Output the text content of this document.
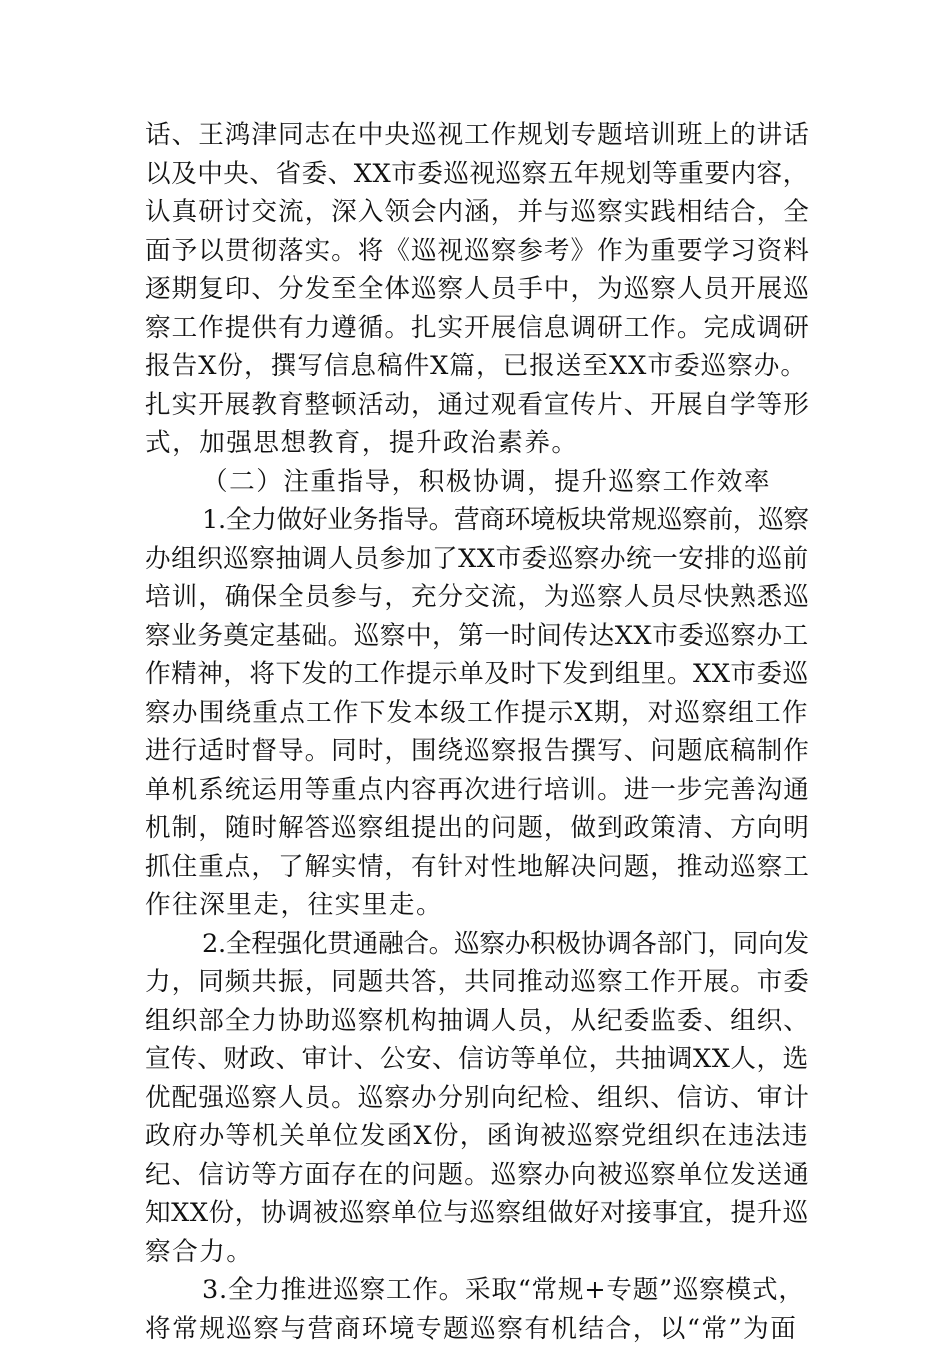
话、王鸿津同志在中央巡视工作规划专题培训班上的讲话
以及中央、省委、XX市委巡视巡察五年规划等重要内容，
认真研讨交流，深入领会内涵，并与巡察实践相结合，全
面予以贯彻落实。将《巡视巡察参考》作为重要学习资料
逐期复印、分发至全体巡察人员手中，为巡察人员开展巡
察工作提供有力遵循。扎实开展信息调研工作。完成调研
报告X份，撰写信息稿件X篇，已报送至XX市委巡察办。
扎实开展教育整顿活动，通过观看宣传片、开展自学等形
式，加强思想教育，提升政治素养。
（二）注重指导，积极协调，提升巡察工作效率
1.全力做好业务指导。营商环境板块常规巡察前，巡察
办组织巡察抽调人员参加了XX市委巡察办统一安排的巡前
培训，确保全员参与，充分交流，为巡察人员尽快熟悉巡
察业务奠定基础。巡察中，第一时间传达XX市委巡察办工
作精神，将下发的工作提示单及时下发到组里。XX市委巡
察办围绕重点工作下发本级工作提示X期，对巡察组工作
进行适时督导。同时，围绕巡察报告撰写、问题底稿制作
单机系统运用等重点内容再次进行培训。进一步完善沟通
机制，随时解答巡察组提出的问题，做到政策清、方向明
抓住重点，了解实情，有针对性地解决问题，推动巡察工
作往深里走，往实里走。
2.全程强化贯通融合。巡察办积极协调各部门，同向发
力，同频共振，同题共答，共同推动巡察工作开展。市委
组织部全力协助巡察机构抽调人员，从纪委监委、组织、
宣传、财政、审计、公安、信访等单位，共抽调XX人，选
优配强巡察人员。巡察办分别向纪检、组织、信访、审计
政府办等机关单位发函X份，函询被巡察党组织在违法违
纪、信访等方面存在的问题。巡察办向被巡察单位发送通
知XX份，协调被巡察单位与巡察组做好对接事宜，提升巡
察合力。
3.全力推进巡察工作。采取“常规+专题”巡察模式，
将常规巡察与营商环境专题巡察有机结合，以“常”为面
